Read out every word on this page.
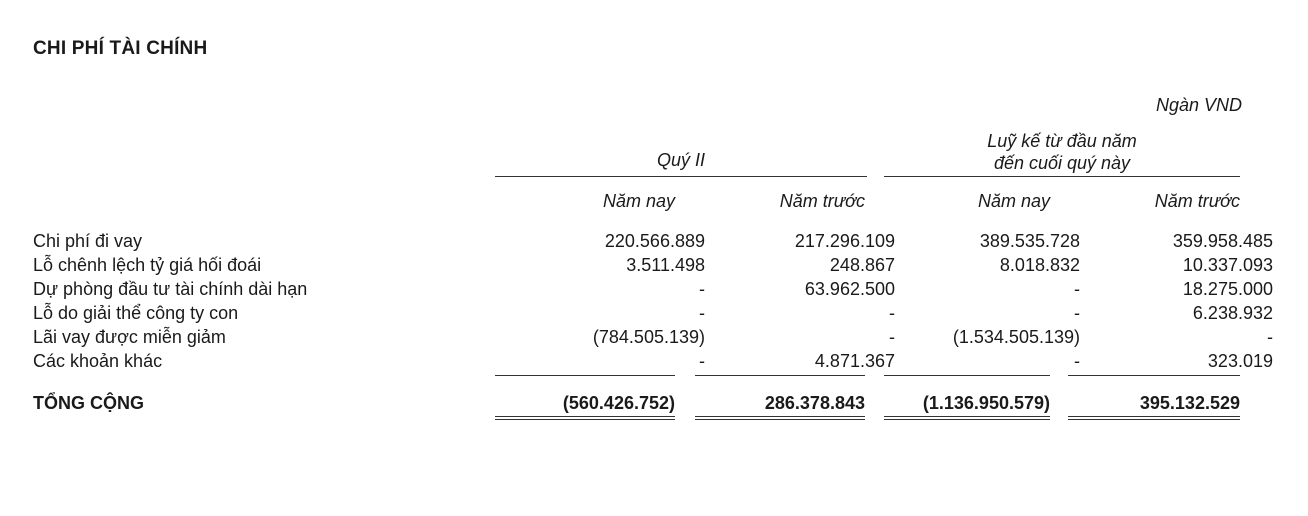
CHI PHÍ TÀI CHÍNH
Ngàn VND
Quý II
Luỹ kế từ đầu năm
đến cuối quý này
Năm nay	Năm trước	Năm nay	Năm trước
Chi phí đi vay	220.566.889	217.296.109	389.535.728	359.958.485
Lỗ chênh lệch tỷ giá hối đoái	3.511.498	248.867	8.018.832	10.337.093
Dự phòng đầu tư tài chính dài hạn	-	63.962.500	-	18.275.000
Lỗ do giải thể công ty con	-	-	-	6.238.932
Lãi vay được miễn giảm	(784.505.139)	-	(1.534.505.139)	-
Các khoản khác	-	4.871.367	-	323.019
TỔNG CỘNG	(560.426.752)	286.378.843	(1.136.950.579)	395.132.529
